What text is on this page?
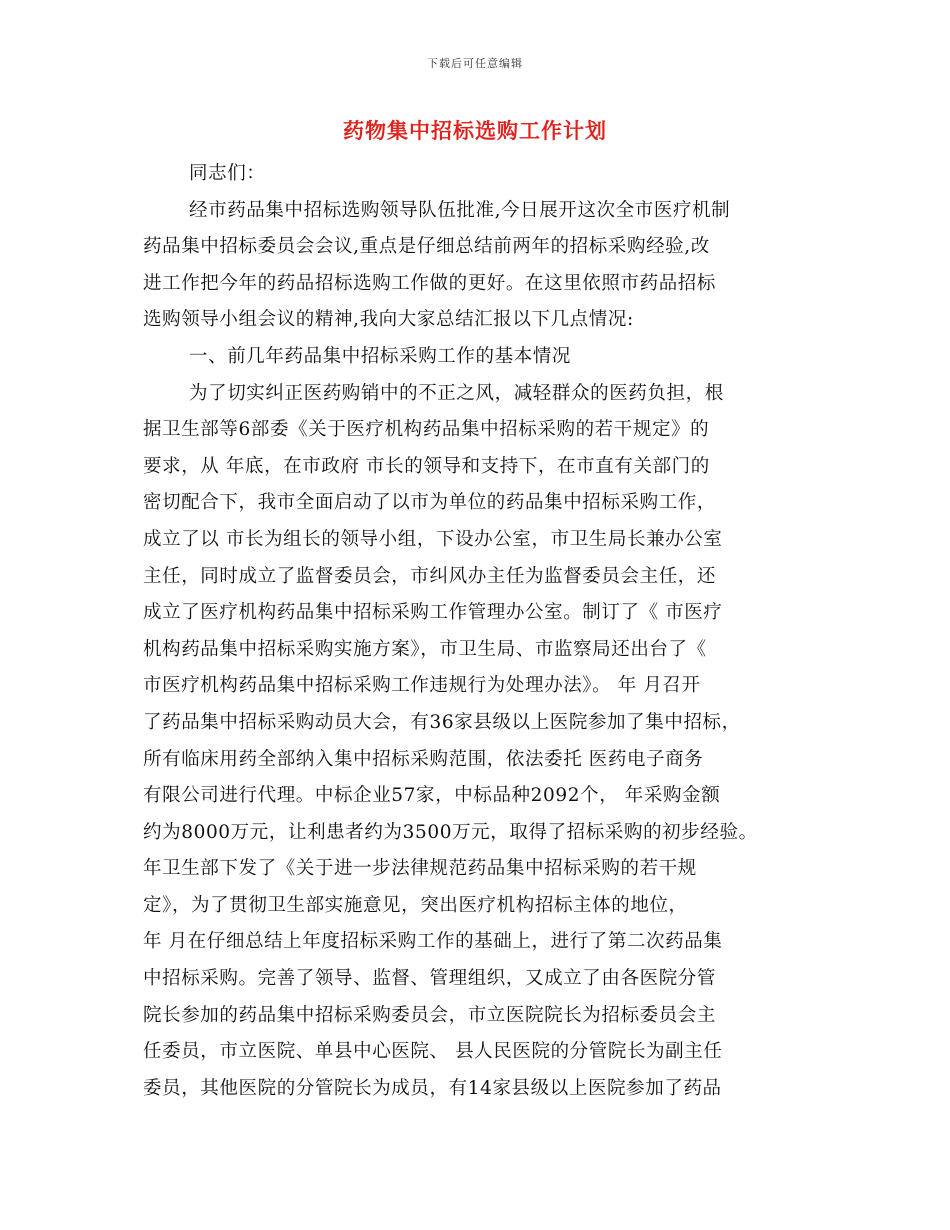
下载后可任意编辑
药物集中招标选购工作计划
同志们：
经市药品集中招标选购领导队伍批准,今日展开这次全市医疗机制
药品集中招标委员会会议,重点是仔细总结前两年的招标采购经验,改
进工作把今年的药品招标选购工作做的更好。在这里依照市药品招标
选购领导小组会议的精神,我向大家总结汇报以下几点情况:
一、前几年药品集中招标采购工作的基本情况
为了切实纠正医药购销中的不正之风，减轻群众的医药负担，根
据卫生部等6部委《关于医疗机构药品集中招标采购的若干规定》的
要求，从 年底，在市政府 市长的领导和支持下，在市直有关部门的
密切配合下，我市全面启动了以市为单位的药品集中招标采购工作，
成立了以 市长为组长的领导小组，下设办公室，市卫生局长兼办公室
主任，同时成立了监督委员会，市纠风办主任为监督委员会主任，还
成立了医疗机构药品集中招标采购工作管理办公室。制订了《 市医疗
机构药品集中招标采购实施方案》，市卫生局、市监察局还出台了《
市医疗机构药品集中招标采购工作违规行为处理办法》。 年 月召开
了药品集中招标采购动员大会，有36家县级以上医院参加了集中招标，
所有临床用药全部纳入集中招标采购范围，依法委托 医药电子商务
有限公司进行代理。中标企业57家，中标品种2092个， 年采购金额
约为8000万元，让利患者约为3500万元，取得了招标采购的初步经验。
年卫生部下发了《关于进一步法律规范药品集中招标采购的若干规
定》，为了贯彻卫生部实施意见，突出医疗机构招标主体的地位，
年 月在仔细总结上年度招标采购工作的基础上，进行了第二次药品集
中招标采购。完善了领导、监督、管理组织，又成立了由各医院分管
院长参加的药品集中招标采购委员会，市立医院院长为招标委员会主
任委员，市立医院、单县中心医院、 县人民医院的分管院长为副主任
委员，其他医院的分管院长为成员，有14家县级以上医院参加了药品
